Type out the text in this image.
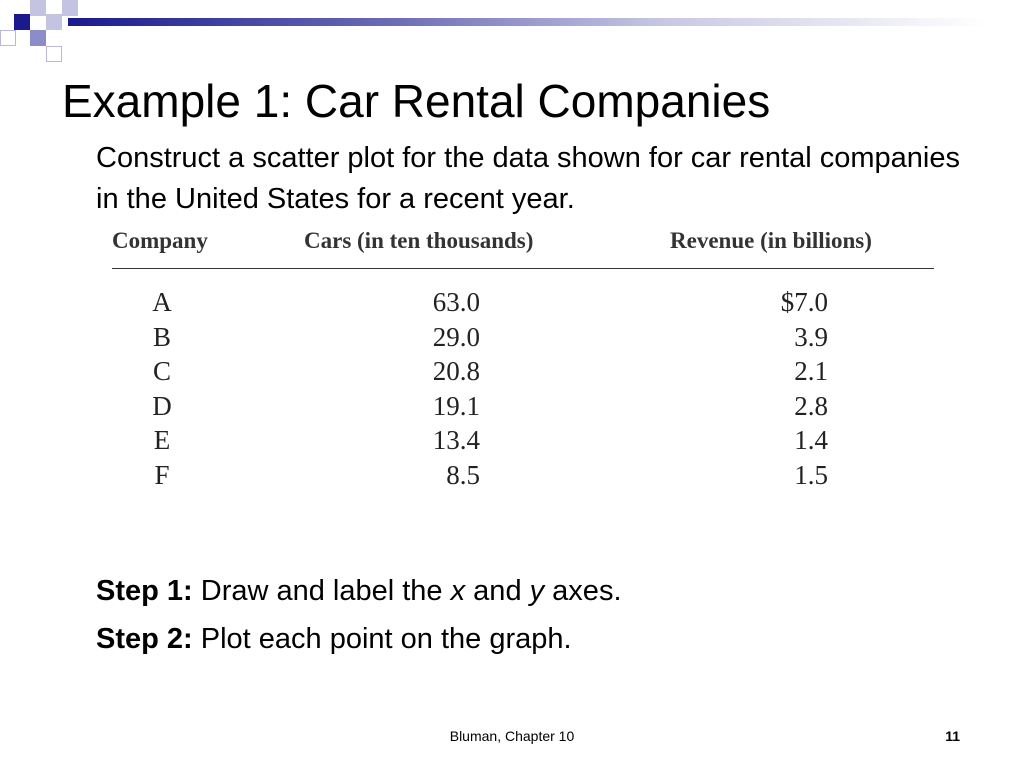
Example 1: Car Rental Companies
Construct a scatter plot for the data shown for car rental companies in the United States for a recent year.
Company	Cars (in ten thousands)	Revenue (in billions)
A	63.0	$7.0
B	29.0	3.9
C	20.8	2.1
D	19.1	2.8
E	13.4	1.4
F	8.5	1.5
Step 1: Draw and label the x and y axes.
Step 2: Plot each point on the graph.
Bluman, Chapter 10	11
